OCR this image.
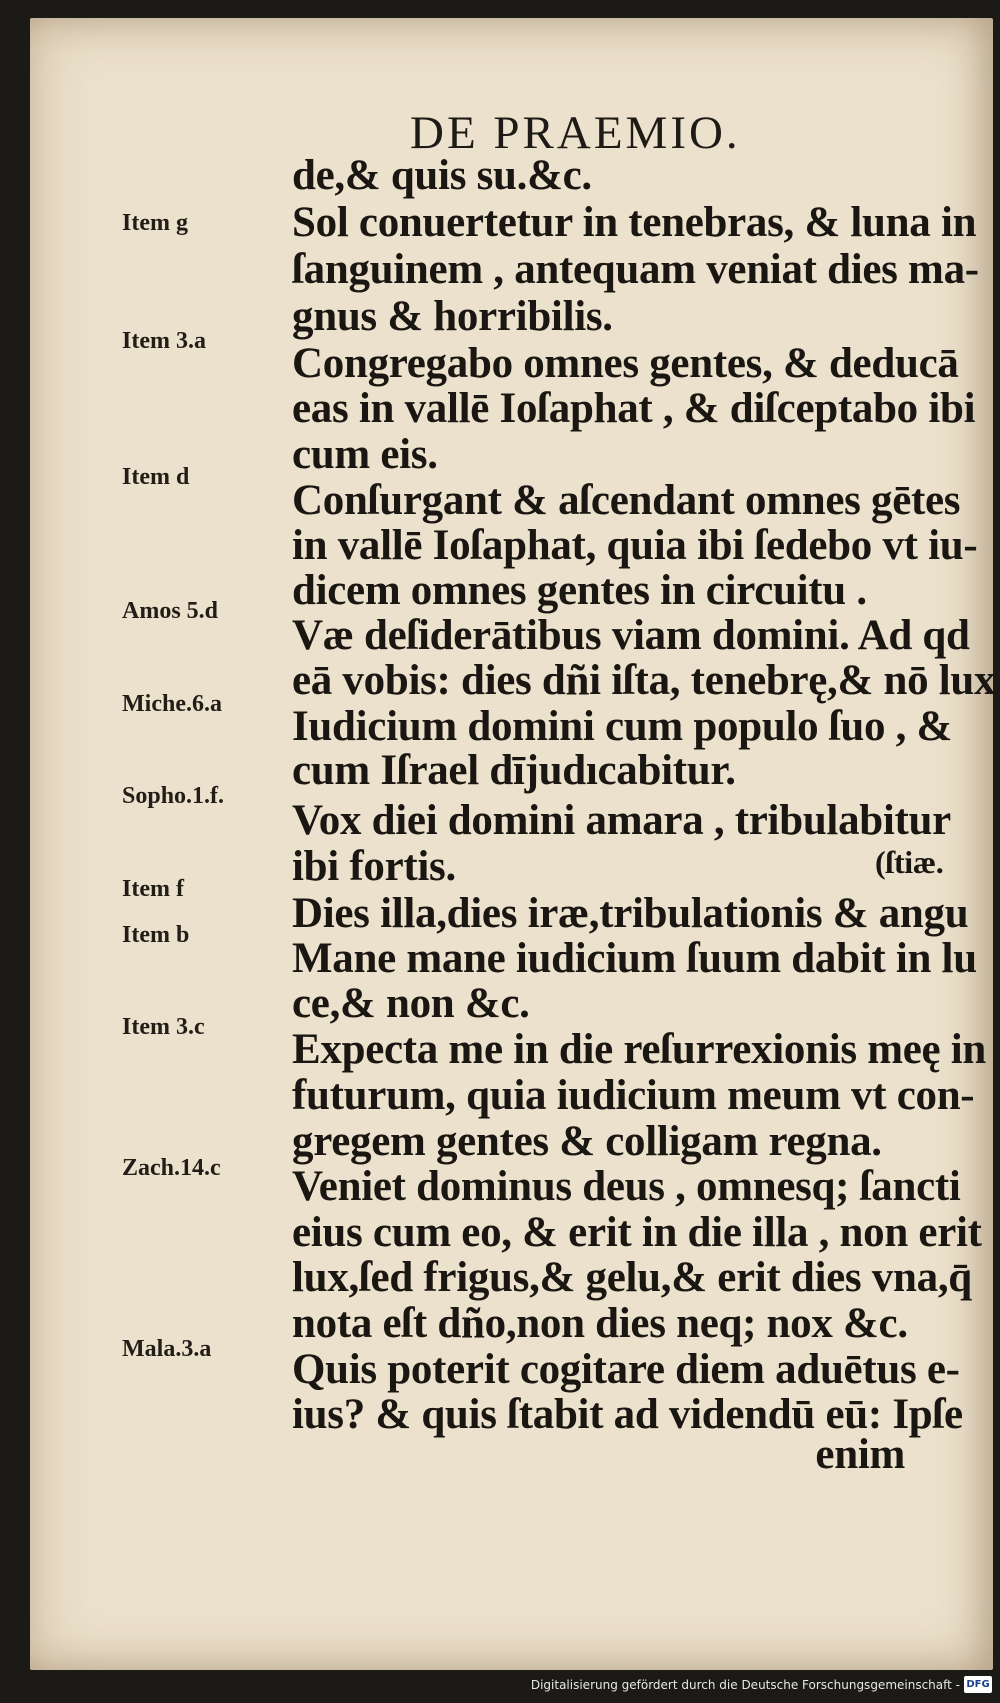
DE PRAEMIO.
de,& quis su.&c.
Sol conuertetur in tenebras, & luna in
ſanguinem , antequam veniat dies ma-
gnus & horribilis.
Congregabo omnes gentes, & deducā
eas in vallē Ioſaphat , & diſceptabo ibi
cum eis.
Conſurgant & aſcendant omnes gētes
in vallē Ioſaphat, quia ibi ſedebo vt iu-
dicem omnes gentes in circuitu .
Væ deſiderātibus viam domini. Ad qd
eā vobis: dies dñi iſta, tenebrę,& nō lux
Iudicium domini cum populo ſuo , &
cum Iſrael dījudıcabitur.
Vox diei domini amara , tribulabitur
ibi fortis.	(ſtiæ.
Dies illa,dies iræ,tribulationis & angu
Mane mane iudicium ſuum dabit in lu
ce,& non &c.
Expecta me in die reſurrexionis meę in
futurum, quia iudicium meum vt con-
gregem gentes & colligam regna.
Veniet dominus deus , omnesq; ſancti
eius cum eo, & erit in die illa , non erit
lux,ſed frigus,& gelu,& erit dies vna,q̄
nota eſt dño,non dies neq; nox &c.
Quis poterit cogitare diem aduētus e-
ius? & quis ſtabit ad videndū eū: Ipſe
enim
Item g
Item 3.a
Item d
Amos 5.d
Miche.6.a
Sopho.1.f.
Item f
Item b
Item 3.c
Zach.14.c
Mala.3.a
Digitalisierung gefördert durch die Deutsche Forschungsgemeinschaft - DFG
